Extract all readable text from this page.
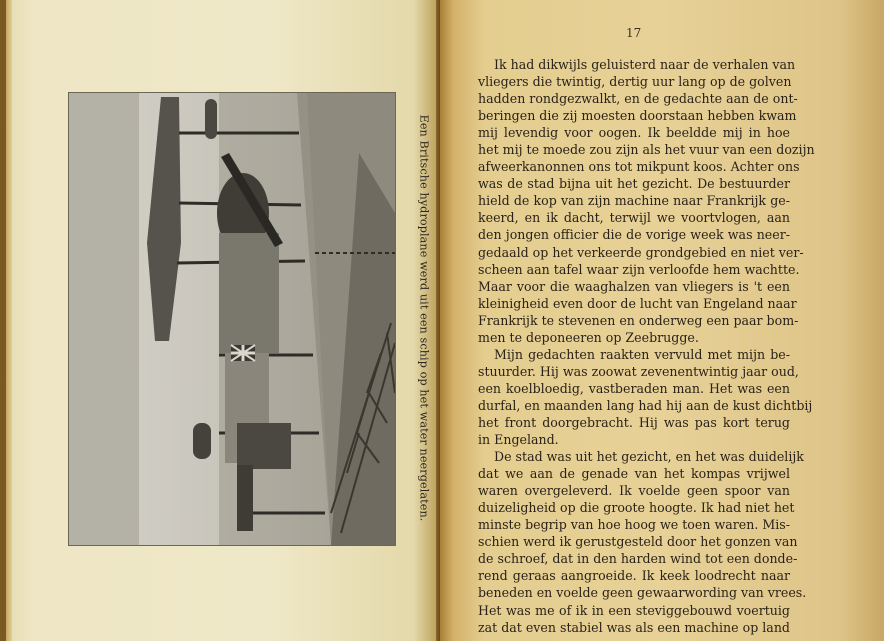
Een Britsche hydroplane werd uit een schip op het water neergelaten.
17
Ik had dikwijls geluisterd naar de verhalen van
vliegers die twintig, dertig uur lang op de golven
hadden rondgezwalkt, en de gedachte aan de ont-
beringen die zij moesten doorstaan hebben kwam
mij levendig voor oogen. Ik beeldde mij in hoe
het mij te moede zou zijn als het vuur van een dozijn
afweerkanonnen ons tot mikpunt koos. Achter ons
was de stad bijna uit het gezicht. De bestuurder
hield de kop van zijn machine naar Frankrijk ge-
keerd, en ik dacht, terwijl we voortvlogen, aan
den jongen officier die de vorige week was neer-
gedaald op het verkeerde grondgebied en niet ver-
scheen aan tafel waar zijn verloofde hem wachtte.
Maar voor die waaghalzen van vliegers is 't een
kleinigheid even door de lucht van Engeland naar
Frankrijk te stevenen en onderweg een paar bom-
men te deponeeren op Zeebrugge.
Mijn gedachten raakten vervuld met mijn be-
stuurder. Hij was zoowat zevenentwintig jaar oud,
een koelbloedig, vastberaden man. Het was een
durfal, en maanden lang had hij aan de kust dichtbij
het front doorgebracht. Hij was pas kort terug
in Engeland.
De stad was uit het gezicht, en het was duidelijk
dat we aan de genade van het kompas vrijwel
waren overgeleverd. Ik voelde geen spoor van
duizeligheid op die groote hoogte. Ik had niet het
minste begrip van hoe hoog we toen waren. Mis-
schien werd ik gerustgesteld door het gonzen van
de schroef, dat in den harden wind tot een donde-
rend geraas aangroeide. Ik keek loodrecht naar
beneden en voelde geen gewaarwording van vrees.
Het was me of ik in een steviggebouwd voertuig
zat dat even stabiel was als een machine op land
